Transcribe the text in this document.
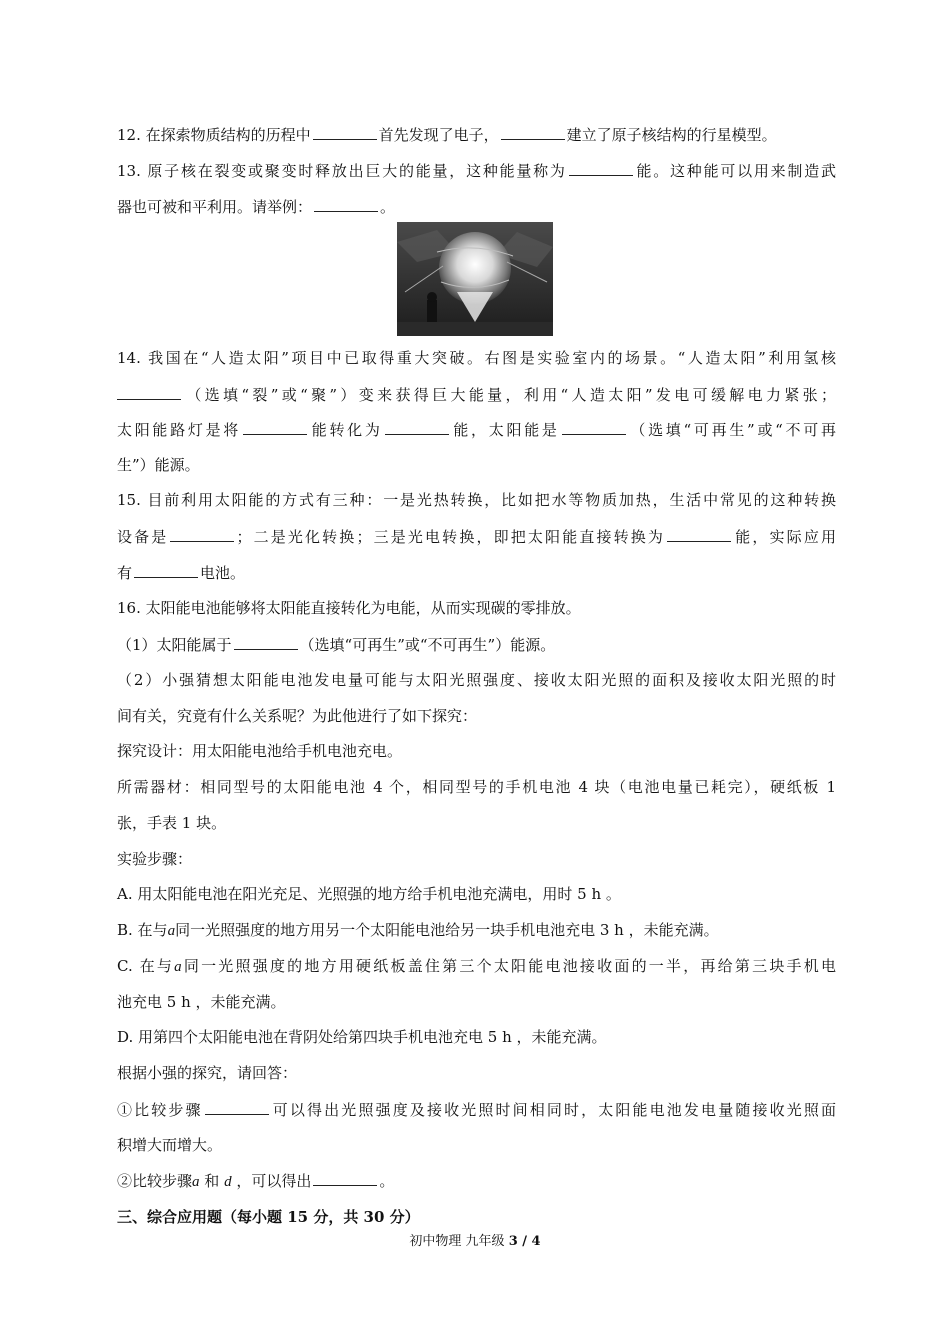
12. 在探索物质结构的历程中	首先发现了电子，	建立了原子核结构的行星模型。
13. 原子核在裂变或聚变时释放出巨大的能量，这种能量称为	能。这种能可以用来制造武
器也可被和平利用。请举例：	。
14. 我国在“人造太阳”项目中已取得重大突破。右图是实验室内的场景。“人造太阳”利用氢核
（选填“裂”或“聚”）变来获得巨大能量，利用“人造太阳”发电可缓解电力紧张；
太阳能路灯是将	能转化为	能，太阳能是	（选填“可再生”或“不可再
生”）能源。
15. 目前利用太阳能的方式有三种：一是光热转换，比如把水等物质加热，生活中常见的这种转换
设备是	；二是光化转换；三是光电转换，即把太阳能直接转换为	能，实际应用
有	电池。
16. 太阳能电池能够将太阳能直接转化为电能，从而实现碳的零排放。
（1）太阳能属于	（选填“可再生”或“不可再生”）能源。
（2）小强猜想太阳能电池发电量可能与太阳光照强度、接收太阳光照的面积及接收太阳光照的时
间有关，究竟有什么关系呢？为此他进行了如下探究：
探究设计：用太阳能电池给手机电池充电。
所需器材：相同型号的太阳能电池 4 个，相同型号的手机电池 4 块（电池电量已耗完），硬纸板 1
张，手表 1 块。
实验步骤：
A. 用太阳能电池在阳光充足、光照强的地方给手机电池充满电，用时 5 h 。
B. 在与a同一光照强度的地方用另一个太阳能电池给另一块手机电池充电 3 h ，未能充满。
C. 在与a同一光照强度的地方用硬纸板盖住第三个太阳能电池接收面的一半，再给第三块手机电
池充电 5 h ，未能充满。
D. 用第四个太阳能电池在背阴处给第四块手机电池充电 5 h ，未能充满。
根据小强的探究，请回答：
①比较步骤	可以得出光照强度及接收光照时间相同时，太阳能电池发电量随接收光照面
积增大而增大。
②比较步骤a 和 d ，可以得出	。
三、综合应用题（每小题 15 分，共 30 分）
初中物理 九年级 3 / 4
